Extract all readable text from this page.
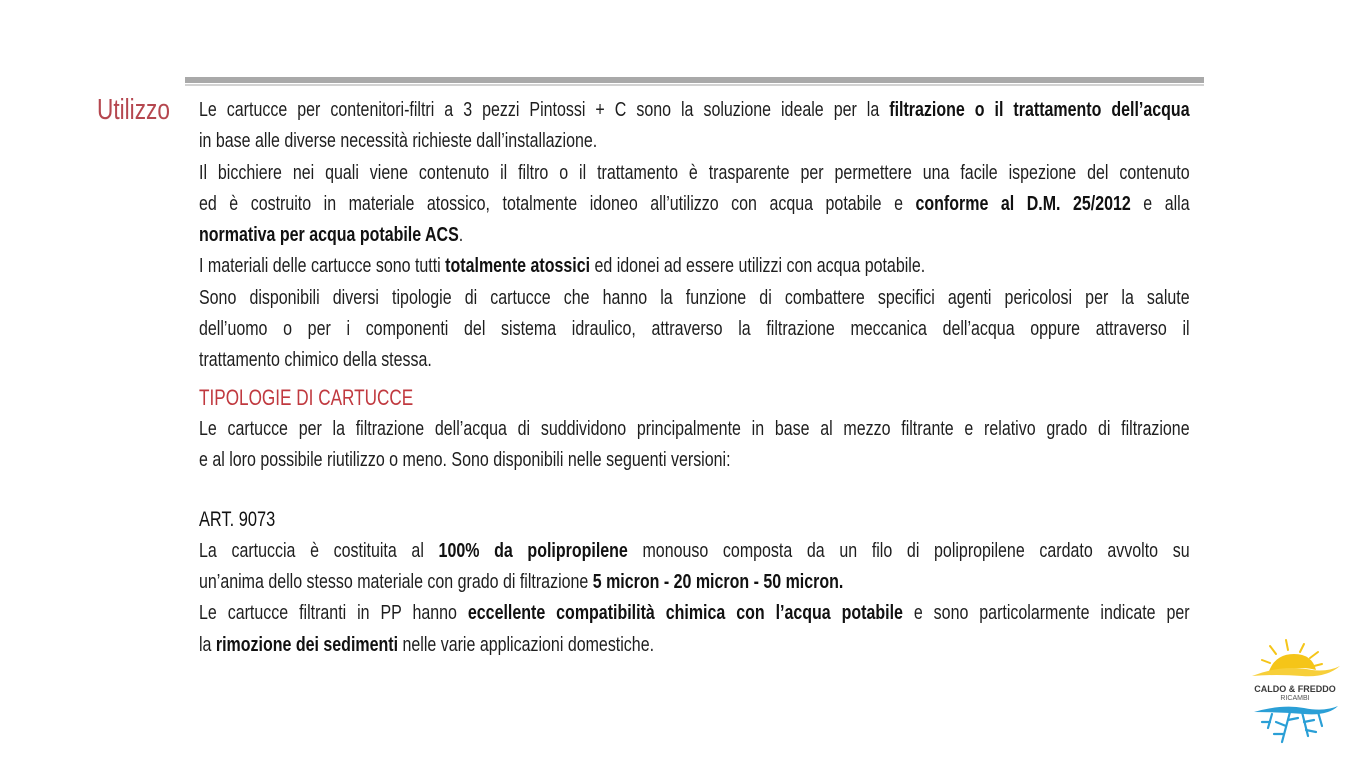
Utilizzo Le cartucce per contenitori-filtri a 3 pezzi Pintossi + C sono la soluzione ideale per la filtrazione o il trattamento dell’acqua
in base alle diverse necessità richieste dall’installazione.
Il bicchiere nei quali viene contenuto il filtro o il trattamento è trasparente per permettere una facile ispezione del contenuto
ed è costruito in materiale atossico, totalmente idoneo all’utilizzo con acqua potabile e conforme al D.M. 25/2012 e alla
normativa per acqua potabile ACS.
I materiali delle cartucce sono tutti totalmente atossici ed idonei ad essere utilizzi con acqua potabile.
Sono disponibili diversi tipologie di cartucce che hanno la funzione di combattere specifici agenti pericolosi per la salute
dell’uomo o per i componenti del sistema idraulico, attraverso la filtrazione meccanica dell’acqua oppure attraverso il
trattamento chimico della stessa.
TIPOLOGIE DI CARTUCCE
Le cartucce per la filtrazione dell’acqua di suddividono principalmente in base al mezzo filtrante e relativo grado di filtrazione
e al loro possibile riutilizzo o meno. Sono disponibili nelle seguenti versioni:
ART. 9073
La cartuccia è costituita al 100% da polipropilene monouso composta da un filo di polipropilene cardato avvolto su
un’anima dello stesso materiale con grado di filtrazione 5 micron - 20 micron - 50 micron.
Le cartucce filtranti in PP hanno eccellente compatibilità chimica con l’acqua potabile e sono particolarmente indicate per
la rimozione dei sedimenti nelle varie applicazioni domestiche.
CALDO & FREDDO
RICAMBI
